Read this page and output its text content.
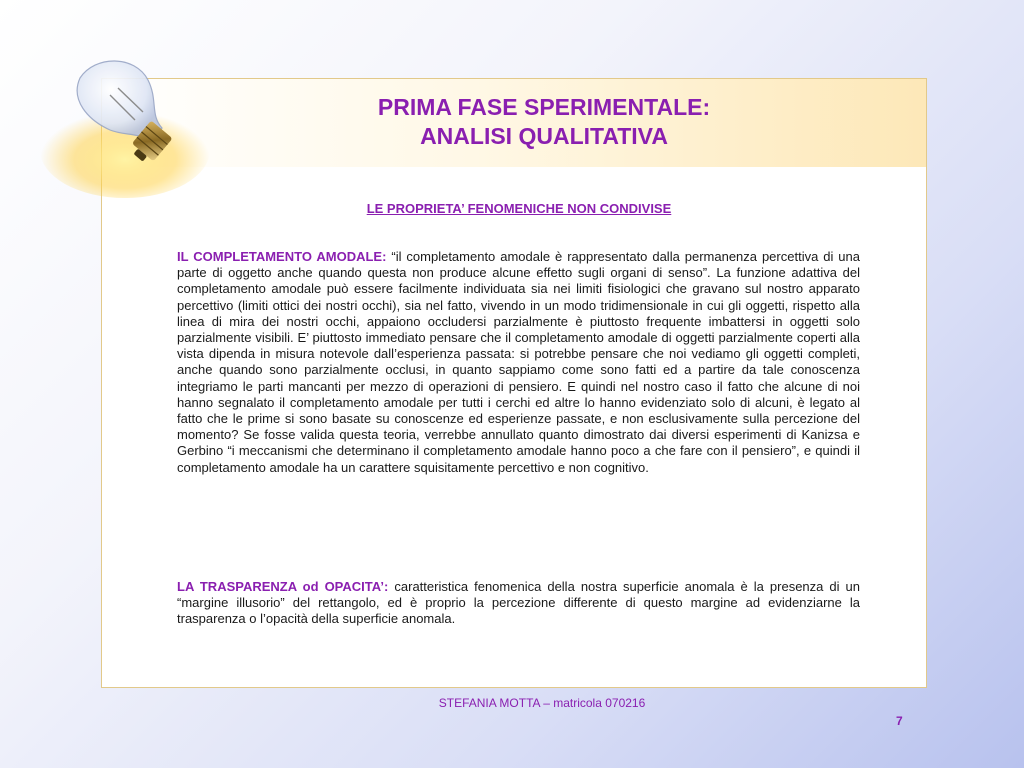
PRIMA FASE SPERIMENTALE:
ANALISI QUALITATIVA
LE PROPRIETA’ FENOMENICHE NON CONDIVISE

IL COMPLETAMENTO AMODALE: “il completamento amodale è rappresentato dalla permanenza percettiva di una parte di oggetto anche quando questa non produce alcune effetto sugli organi di senso”. La funzione adattiva del completamento amodale può essere facilmente individuata sia nei limiti fisiologici che gravano sul nostro apparato percettivo (limiti ottici dei nostri occhi), sia nel fatto, vivendo in un modo tridimensionale in cui gli oggetti, rispetto alla linea di mira dei nostri occhi, appaiono occludersi parzialmente è piuttosto frequente imbattersi in oggetti solo parzialmente visibili. E’ piuttosto immediato pensare che il completamento amodale di oggetti parzialmente coperti alla vista dipenda in misura notevole dall’esperienza passata: si potrebbe pensare che noi vediamo gli oggetti completi, anche quando sono parzialmente occlusi, in quanto sappiamo come sono fatti ed a partire da tale conoscenza integriamo le parti mancanti per mezzo di operazioni di pensiero. E quindi nel nostro caso il fatto che alcune di noi hanno segnalato il completamento amodale per tutti i cerchi ed altre lo hanno evidenziato solo di alcuni, è legato al fatto che le prime si sono basate su conoscenze ed esperienze passate, e non esclusivamente sulla percezione del momento? Se fosse valida questa teoria, verrebbe annullato quanto dimostrato dai diversi esperimenti di Kanizsa e Gerbino “i meccanismi che determinano il completamento amodale hanno poco a che fare con il pensiero”, e quindi il completamento amodale ha un carattere squisitamente percettivo e non cognitivo.

LA TRASPARENZA od OPACITA’: caratteristica fenomenica della nostra superficie anomala è la presenza di un “margine illusorio” del rettangolo, ed è proprio la percezione differente di questo margine ad evidenziarne la trasparenza o l’opacità della superficie anomala.

STEFANIA MOTTA – matricola 070216
7
